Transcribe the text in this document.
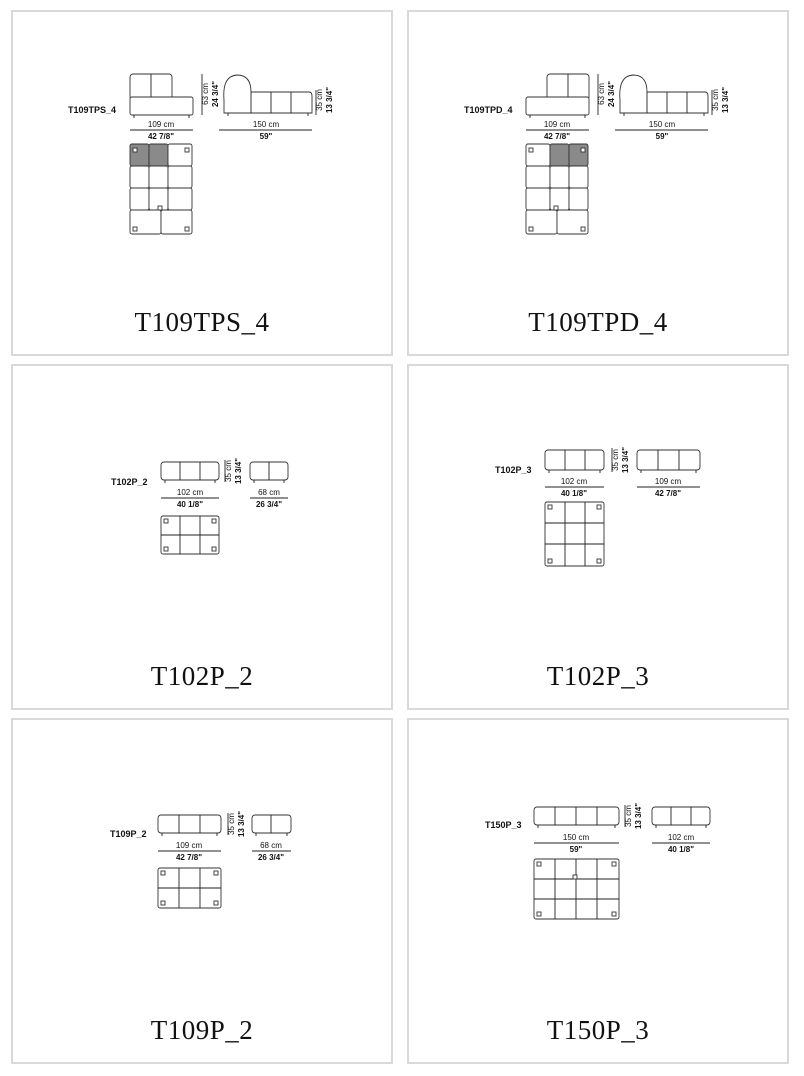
T109TPS_4
109 cm
42 7/8"
63 cm 24 3/4"
150 cm
59"
35 cm 13 3/4"
T109TPS_4
T109TPD_4
109 cm
42 7/8"
63 cm 24 3/4"
150 cm
59"
35 cm 13 3/4"
T109TPD_4
T102P_2
102 cm
40 1/8"
35 cm 13 3/4"
68 cm
26 3/4"
T102P_2
T102P_3
102 cm
40 1/8"
35 cm 13 3/4"
109 cm
42 7/8"
T102P_3
T109P_2
109 cm
42 7/8"
35 cm 13 3/4"
68 cm
26 3/4"
T109P_2
T150P_3
150 cm
59"
35 cm 13 3/4"
102 cm
40 1/8"
T150P_3
